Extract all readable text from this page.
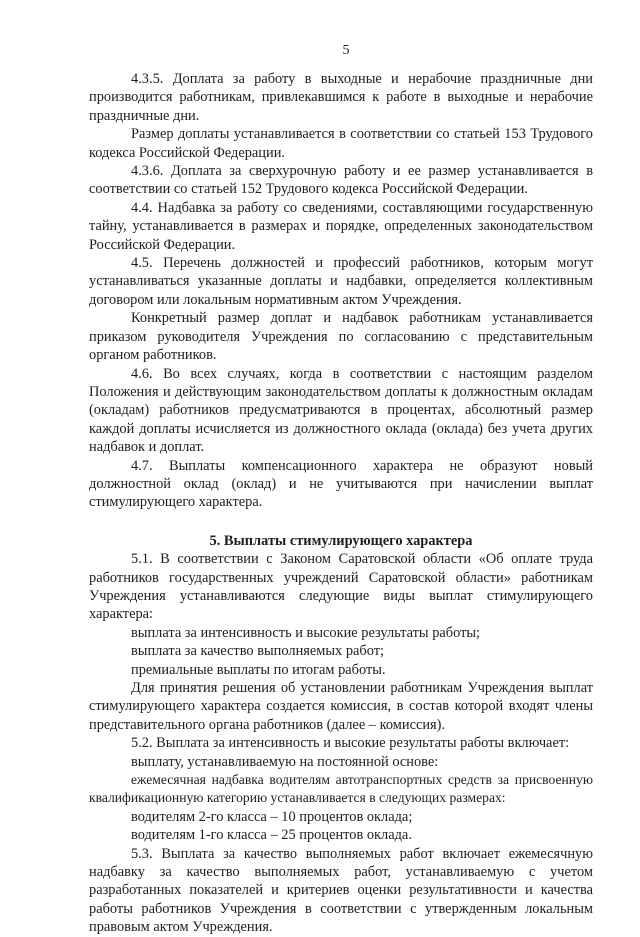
5

4.3.5. Доплата за работу в выходные и нерабочие праздничные дни производится работникам, привлекавшимся к работе в выходные и нерабочие праздничные дни.

Размер доплаты устанавливается в соответствии со статьей 153 Трудового кодекса Российской Федерации.

4.3.6. Доплата за сверхурочную работу и ее размер устанавливается в соответствии со статьей 152 Трудового кодекса Российской Федерации.

4.4. Надбавка за работу со сведениями, составляющими государственную тайну, устанавливается в размерах и порядке, определенных законодательством Российской Федерации.

4.5. Перечень должностей и профессий работников, которым могут устанавливаться указанные доплаты и надбавки, определяется коллективным договором или локальным нормативным актом Учреждения.

Конкретный размер доплат и надбавок работникам устанавливается приказом руководителя Учреждения по согласованию с представительным органом работников.

4.6. Во всех случаях, когда в соответствии с настоящим разделом Положения и действующим законодательством доплаты к должностным окладам (окладам) работников предусматриваются в процентах, абсолютный размер каждой доплаты исчисляется из должностного оклада (оклада) без учета других надбавок и доплат.

4.7. Выплаты компенсационного характера не образуют новый должностной оклад (оклад) и не учитываются при начислении выплат стимулирующего характера.

5. Выплаты стимулирующего характера

5.1. В соответствии с Законом Саратовской области «Об оплате труда работников государственных учреждений Саратовской области» работникам Учреждения устанавливаются следующие виды выплат стимулирующего характера:

выплата за интенсивность и высокие результаты работы;

выплата за качество выполняемых работ;

премиальные выплаты по итогам работы.

Для принятия решения об установлении работникам Учреждения выплат стимулирующего характера создается комиссия, в состав которой входят члены представительного органа работников (далее – комиссия).

5.2. Выплата за интенсивность и высокие результаты работы включает:

выплату, устанавливаемую на постоянной основе:

ежемесячная надбавка водителям автотранспортных средств за присвоенную квалификационную категорию устанавливается в следующих размерах:

водителям 2-го класса – 10 процентов оклада;

водителям 1-го класса – 25 процентов оклада.

5.3. Выплата за качество выполняемых работ включает ежемесячную надбавку за качество выполняемых работ, устанавливаемую с учетом разработанных показателей и критериев оценки результативности и качества работы работников Учреждения в соответствии с утвержденным локальным правовым актом Учреждения.
